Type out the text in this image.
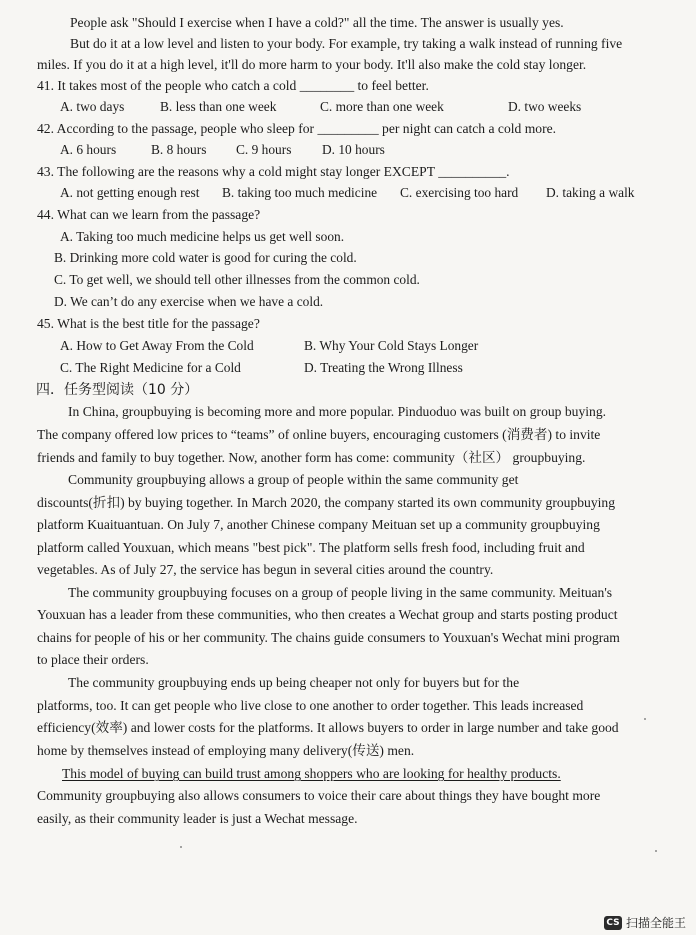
People ask "Should I exercise when I have a cold?" all the time. The answer is usually yes.
But do it at a low level and listen to your body. For example, try taking a walk instead of running five
miles. If you do it at a high level, it'll do more harm to your body. It'll also make the cold stay longer.
41. It takes most of the people who catch a cold ________ to feel better.
A. two days	B. less than one week	C. more than one week	D. two weeks
42. According to the passage, people who sleep for _________ per night can catch a cold more.
A. 6 hours	B. 8 hours C. 9 hours D. 10 hours
43. The following are the reasons why a cold might stay longer EXCEPT __________.
A. not getting enough rest B. taking too much medicine C. exercising too hard D. taking a walk
44. What can we learn from the passage?
A. Taking too much medicine helps us get well soon.
B. Drinking more cold water is good for curing the cold.
C. To get well, we should tell other illnesses from the common cold.
D. We can’t do any exercise when we have a cold.
45. What is the best title for the passage?
A. How to Get Away From the Cold	B. Why Your Cold Stays Longer
C. The Right Medicine for a Cold	D. Treating the Wrong Illness
四．任务型阅读（10 分）
In China, groupbuying is becoming more and more popular. Pinduoduo was built on group buying.
The company offered low prices to “teams” of online buyers, encouraging customers (消费者) to invite
friends and family to buy together. Now, another form has come: community（社区） groupbuying.
Community groupbuying allows a group of people within the same community get
discounts(折扣) by buying together. In March 2020, the company started its own community groupbuying
platform Kuaituantuan. On July 7, another Chinese company Meituan set up a community groupbuying
platform called Youxuan, which means "best pick". The platform sells fresh food, including fruit and
vegetables. As of July 27, the service has begun in several cities around the country.
The community groupbuying focuses on a group of people living in the same community. Meituan's
Youxuan has a leader from these communities, who then creates a Wechat group and starts posting product
chains for people of his or her community. The chains guide consumers to Youxuan's Wechat mini program
to place their orders.
The community groupbuying ends up being cheaper not only for buyers but for the
platforms, too. It can get people who live close to one another to order together. This leads increased
efficiency(效率) and lower costs for the platforms. It allows buyers to order in large number and take good
home by themselves instead of employing many delivery(传送) men.
This model of buying can build trust among shoppers who are looking for healthy products.
Community groupbuying also allows consumers to voice their care about things they have bought more
easily, as their community leader is just a Wechat message.
CS 扫描全能王
